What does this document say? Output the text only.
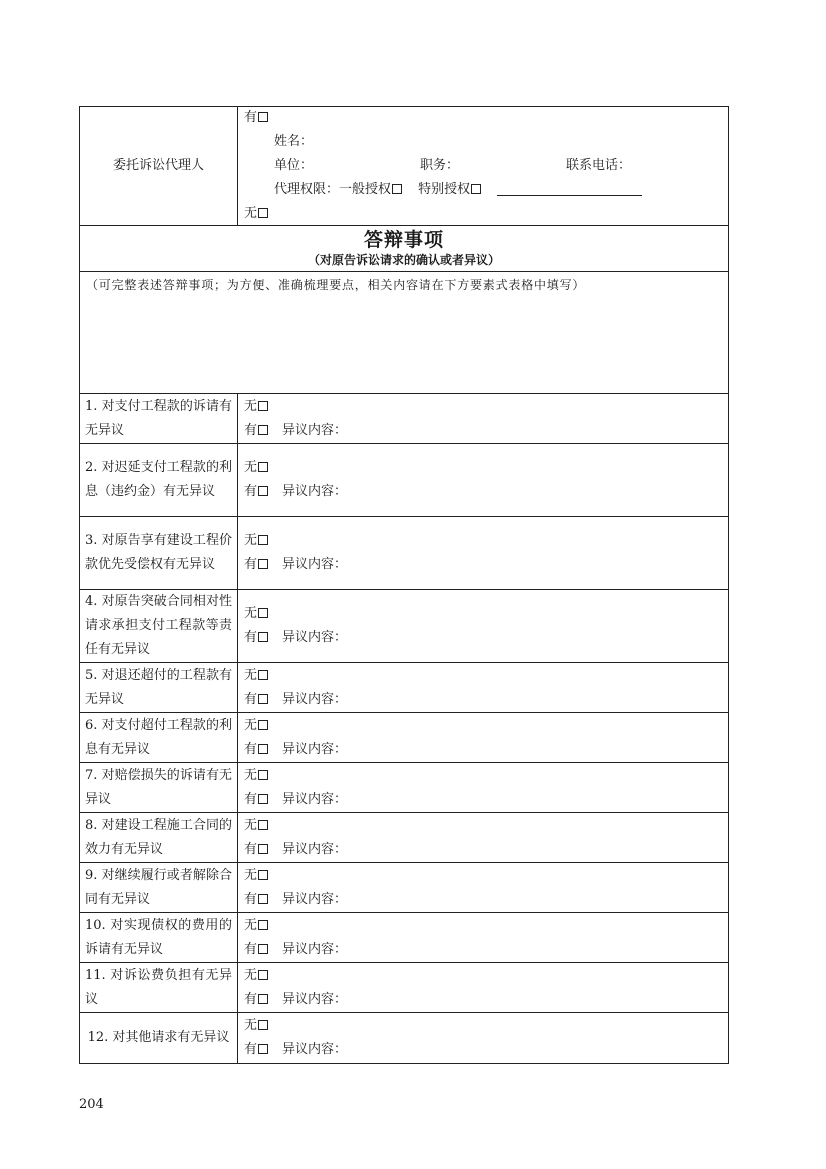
委托诉讼代理人
有
姓名：
单位：	职务：	联系电话：
代理权限：一般授权 特别授权
无
答辩事项
（对原告诉讼请求的确认或者异议）
（可完整表述答辩事项；为方便、准确梳理要点，相关内容请在下方要素式表格中填写）
1. 对支付工程款的诉请有无异议
无
有 异议内容：
2. 对迟延支付工程款的利息（违约金）有无异议
无
有 异议内容：
3. 对原告享有建设工程价款优先受偿权有无异议
无
有 异议内容：
4. 对原告突破合同相对性请求承担支付工程款等责任有无异议
无
有 异议内容：
5. 对退还超付的工程款有无异议
无
有 异议内容：
6. 对支付超付工程款的利息有无异议
无
有 异议内容：
7. 对赔偿损失的诉请有无异议
无
有 异议内容：
8. 对建设工程施工合同的效力有无异议
无
有 异议内容：
9. 对继续履行或者解除合同有无异议
无
有 异议内容：
10. 对实现债权的费用的诉请有无异议
无
有 异议内容：
11. 对诉讼费负担有无异议
无
有 异议内容：
12. 对其他请求有无异议
无
有 异议内容：
204
